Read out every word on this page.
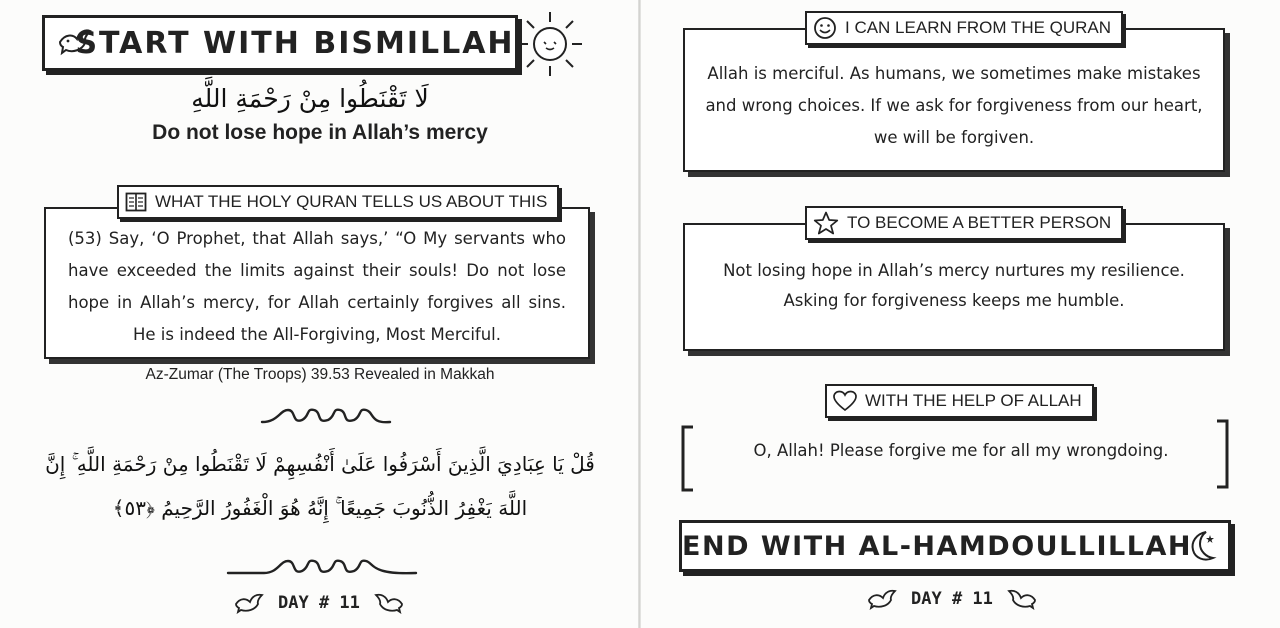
START WITH BISMILLAH
لَا تَقْنَطُوا مِنْ رَحْمَةِ اللَّهِ
Do not lose hope in Allah’s mercy
(53) Say, ‘O Prophet, that Allah says,’ “O My servants who have exceeded the limits against their souls! Do not lose hope in Allah’s mercy, for Allah certainly forgives all sins. He is indeed the All-Forgiving, Most Merciful.
WHAT THE HOLY QURAN TELLS US ABOUT THIS
Az-Zumar (The Troops) 39.53 Revealed in Makkah
قُلْ يَا عِبَادِيَ الَّذِينَ أَسْرَفُوا عَلَىٰ أَنْفُسِهِمْ لَا تَقْنَطُوا مِنْ رَحْمَةِ اللَّهِ ۚ إِنَّ
اللَّهَ يَغْفِرُ الذُّنُوبَ جَمِيعًا ۚ إِنَّهُ هُوَ الْغَفُورُ الرَّحِيمُ ﴿٥٣﴾
DAY # 11
Allah is merciful. As humans, we sometimes make mistakes and wrong choices. If we ask for forgiveness from our heart, we will be forgiven.
I CAN LEARN FROM THE QURAN
Not losing hope in Allah’s mercy nurtures my resilience. Asking for forgiveness keeps me humble.
TO BECOME A BETTER PERSON
WITH THE HELP OF ALLAH
O, Allah! Please forgive me for all my wrongdoing.
END WITH AL-HAMDOULLILLAH
DAY # 11
